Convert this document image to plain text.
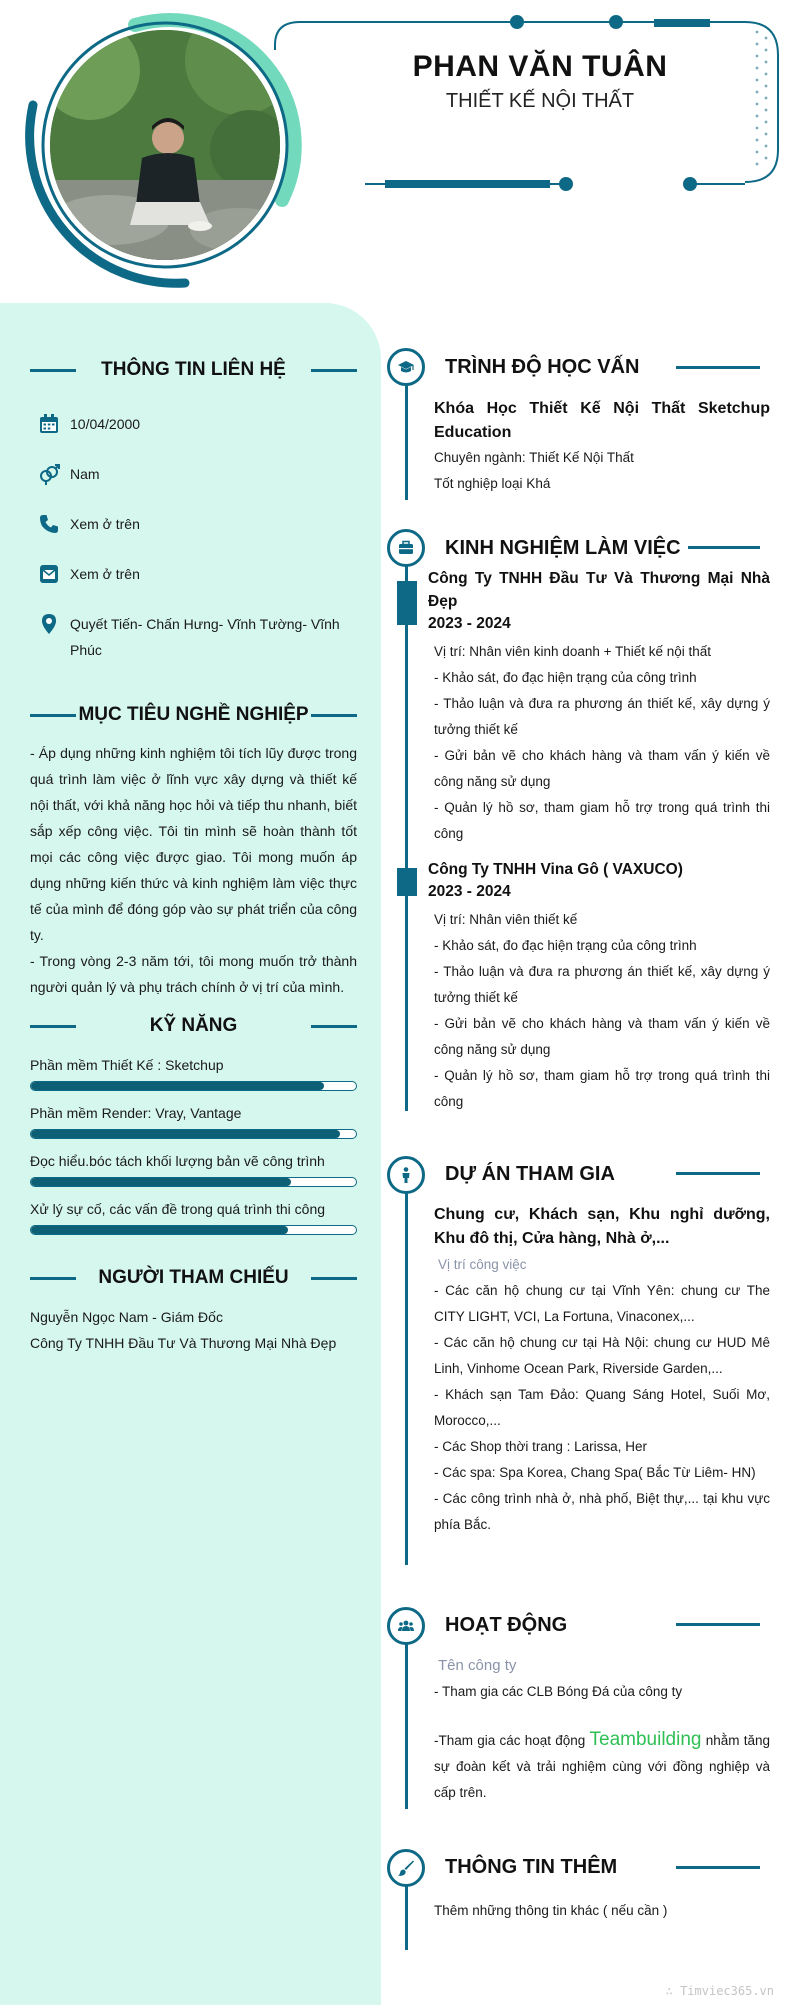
PHAN VĂN TUÂN
THIẾT KẾ NỘI THẤT
THÔNG TIN LIÊN HỆ
10/04/2000
Nam
Xem ở trên
Xem ở trên
Quyết Tiến- Chấn Hưng- Vĩnh Tường- Vĩnh Phúc
MỤC TIÊU NGHỀ NGHIỆP
- Áp dụng những kinh nghiệm tôi tích lũy được trong quá trình làm việc ở lĩnh vực xây dựng và thiết kế nội thất, với khả năng học hỏi và tiếp thu nhanh, biết sắp xếp công việc. Tôi tin mình sẽ hoàn thành tốt mọi các công việc được giao. Tôi mong muốn áp dụng những kiến thức và kinh nghiệm làm việc thực tế của mình để đóng góp vào sự phát triển của công ty.
- Trong vòng 2-3 năm tới, tôi mong muốn trở thành người quản lý và phụ trách chính ở vị trí của mình.
KỸ NĂNG
Phần mềm Thiết Kế : Sketchup
Phần mềm Render: Vray, Vantage
Đọc hiểu.bóc tách khối lượng bản vẽ công trình
Xử lý sự cố, các vấn đề trong quá trình thi công
NGƯỜI THAM CHIẾU
Nguyễn Ngọc Nam - Giám Đốc
Công Ty TNHH Đầu Tư Và Thương Mại Nhà Đẹp
TRÌNH ĐỘ HỌC VẤN
Khóa Học Thiết Kế Nội Thất Sketchup Education
Chuyên ngành: Thiết Kế Nội Thất
Tốt nghiệp loại Khá
KINH NGHIỆM LÀM VIỆC
Công Ty TNHH Đầu Tư Và Thương Mại Nhà Đẹp
2023 - 2024
Vị trí: Nhân viên kinh doanh + Thiết kế nội thất
- Khảo sát, đo đạc hiện trạng của công trình
- Thảo luận và đưa ra phương án thiết kế, xây dựng ý tưởng thiết kế
- Gửi bản vẽ cho khách hàng và tham vấn ý kiến về công năng sử dụng
- Quản lý hồ sơ, tham giam hỗ trợ trong quá trình thi công
Công Ty TNHH Vina Gô ( VAXUCO)
2023 - 2024
Vị trí: Nhân viên thiết kế
- Khảo sát, đo đạc hiện trạng của công trình
- Thảo luận và đưa ra phương án thiết kế, xây dựng ý tưởng thiết kế
- Gửi bản vẽ cho khách hàng và tham vấn ý kiến về công năng sử dụng
- Quản lý hồ sơ, tham giam hỗ trợ trong quá trình thi công
DỰ ÁN THAM GIA
Chung cư, Khách sạn, Khu nghỉ dưỡng, Khu đô thị, Cửa hàng, Nhà ở,...
Vị trí công việc
- Các căn hộ chung cư tại Vĩnh Yên: chung cư The CITY LIGHT, VCI, La Fortuna, Vinaconex,...
- Các căn hộ chung cư tại Hà Nội: chung cư HUD Mê Linh, Vinhome Ocean Park, Riverside Garden,...
- Khách sạn Tam Đảo: Quang Sáng Hotel, Suối Mơ, Morocco,...
- Các Shop thời trang : Larissa, Her
- Các spa: Spa Korea, Chang Spa( Bắc Từ Liêm- HN)
- Các công trình nhà ở, nhà phố, Biệt thự,... tại khu vực phía Bắc.
HOẠT ĐỘNG
Tên công ty
- Tham gia các CLB Bóng Đá của công ty
-Tham gia các hoạt động Teambuilding nhằm tăng sự đoàn kết và trải nghiệm cùng với đồng nghiệp và cấp trên.
THÔNG TIN THÊM
Thêm những thông tin khác ( nếu cần )
∴ Timviec365.vn
